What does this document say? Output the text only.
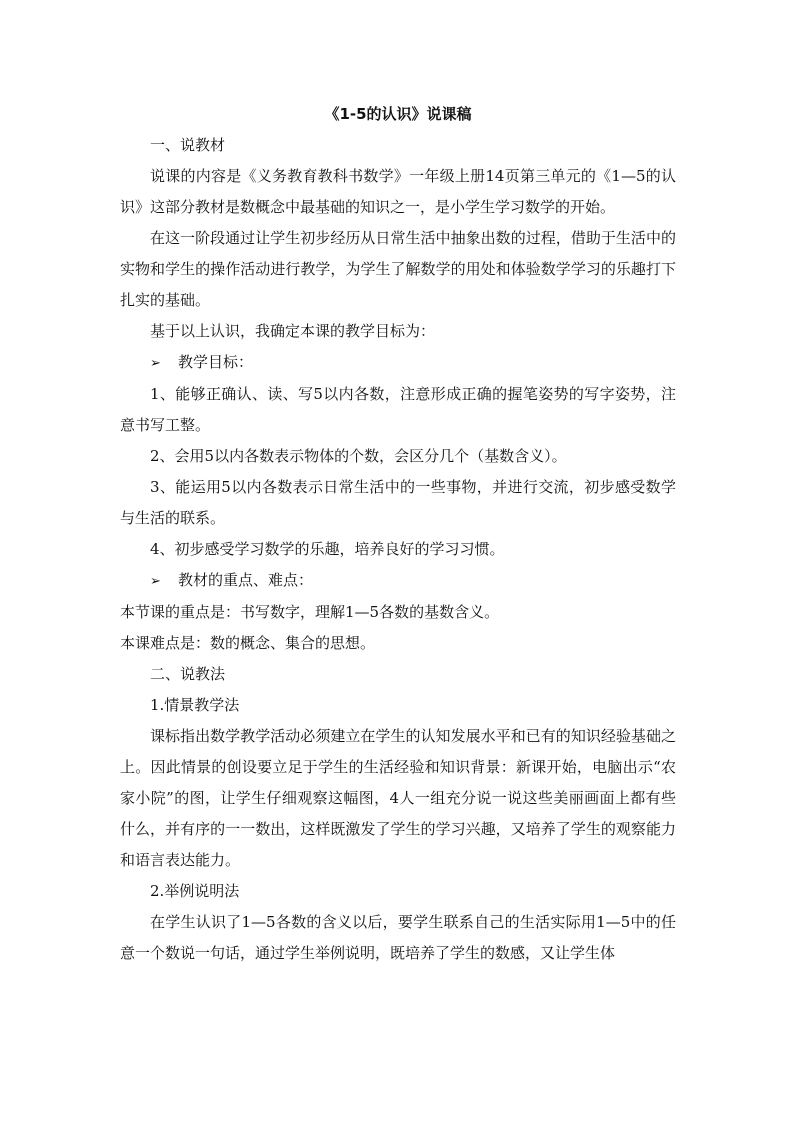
《1-5的认识》说课稿
一、说教材
说课的内容是《义务教育教科书数学》一年级上册14页第三单元的《1—5的认识》这部分教材是数概念中最基础的知识之一，是小学生学习数学的开始。
在这一阶段通过让学生初步经历从日常生活中抽象出数的过程，借助于生活中的实物和学生的操作活动进行教学，为学生了解数学的用处和体验数学学习的乐趣打下扎实的基础。
基于以上认识，我确定本课的教学目标为：
➢ 教学目标：
1、能够正确认、读、写5以内各数，注意形成正确的握笔姿势的写字姿势，注意书写工整。
2、会用5以内各数表示物体的个数，会区分几个（基数含义）。
3、能运用5以内各数表示日常生活中的一些事物，并进行交流，初步感受数学与生活的联系。
4、初步感受学习数学的乐趣，培养良好的学习习惯。
➢ 教材的重点、难点：
本节课的重点是：书写数字，理解1—5各数的基数含义。
本课难点是：数的概念、集合的思想。
二、说教法
1.情景教学法
课标指出数学教学活动必须建立在学生的认知发展水平和已有的知识经验基础之上。因此情景的创设要立足于学生的生活经验和知识背景：新课开始，电脑出示“农家小院”的图，让学生仔细观察这幅图，4人一组充分说一说这些美丽画面上都有些什么，并有序的一一数出，这样既激发了学生的学习兴趣，又培养了学生的观察能力和语言表达能力。
2.举例说明法
在学生认识了1—5各数的含义以后，要学生联系自己的生活实际用1—5中的任意一个数说一句话，通过学生举例说明，既培养了学生的数感，又让学生体
